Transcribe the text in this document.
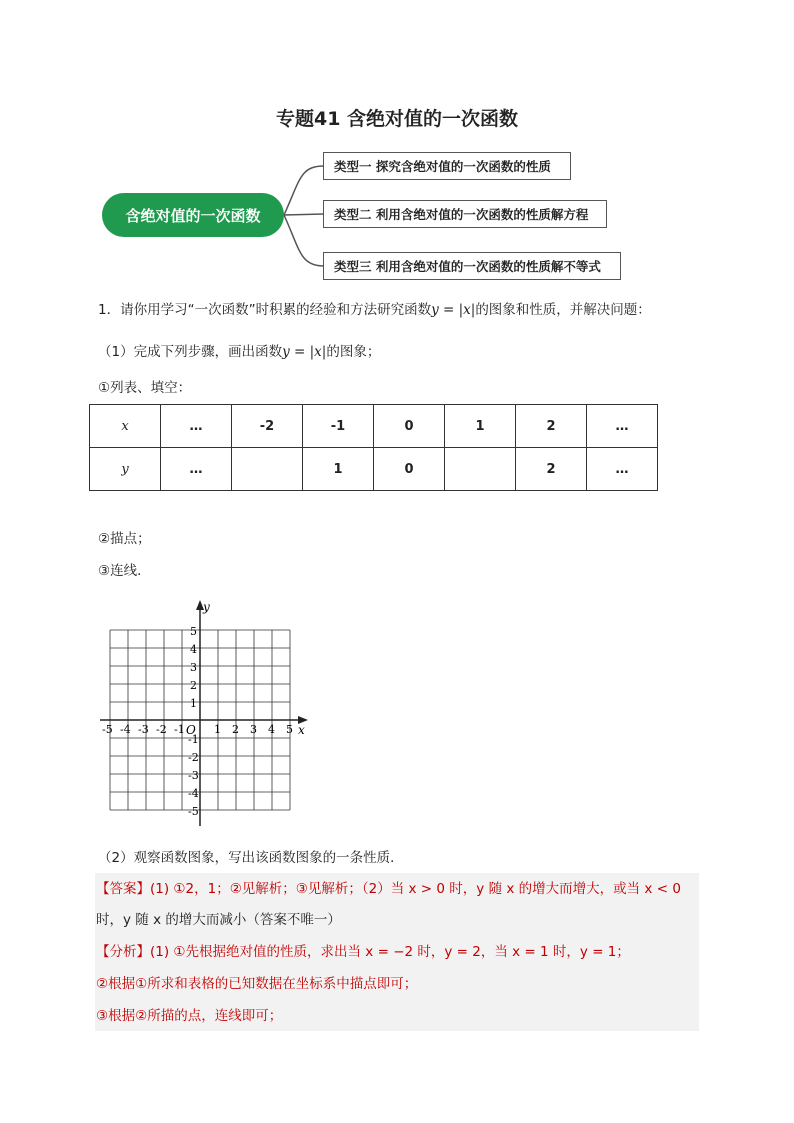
专题41 含绝对值的一次函数
含绝对值的一次函数
类型一 探究含绝对值的一次函数的性质
类型二 利用含绝对值的一次函数的性质解方程
类型三 利用含绝对值的一次函数的性质解不等式
1．请你用学习“一次函数”时积累的经验和方法研究函数y = |x|的图象和性质，并解决问题：
（1）完成下列步骤，画出函数y = |x|的图象；
①列表、填空：
x	…	-2	-1	0	1	2	…
y	…		1	0		2	…
②描点；
③连线．
x
y
O
-5 -4 -3 -2 -1	1 2 3 4 5
5
4
3
2
1
-1
-2
-3
-4
-5
（2）观察函数图象，写出该函数图象的一条性质．
【答案】(1) ①2，1；②见解析；③见解析；（2）当 x > 0 时，y 随 x 的增大而增大，或当 x < 0
时，y 随 x 的增大而减小（答案不唯一）
【分析】(1) ①先根据绝对值的性质，求出当 x = −2 时，y = 2，当 x = 1 时，y = 1；
②根据①所求和表格的已知数据在坐标系中描点即可；
③根据②所描的点，连线即可；
